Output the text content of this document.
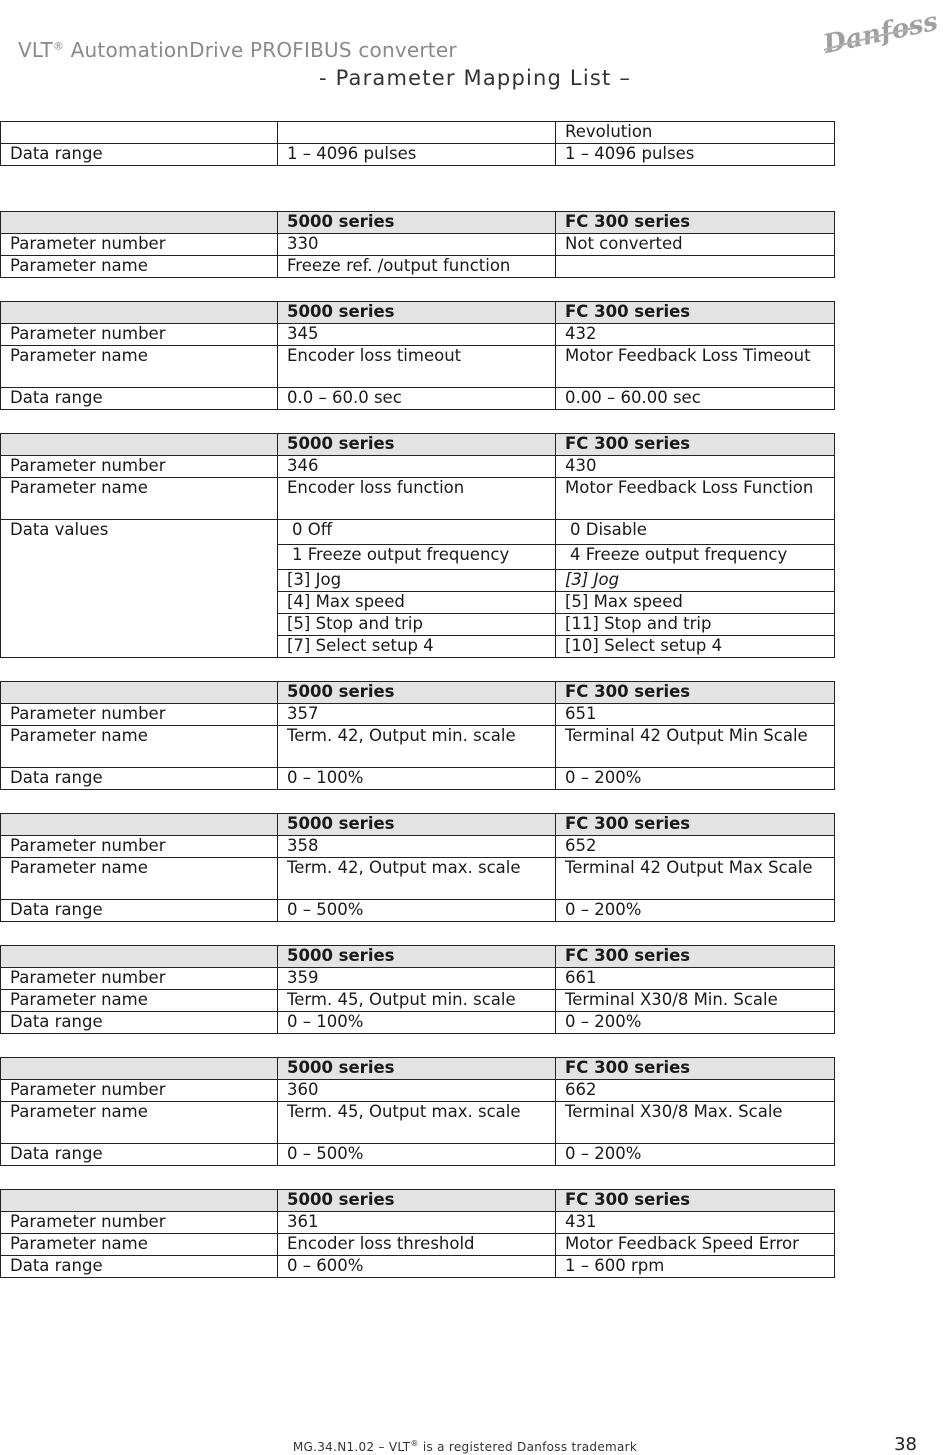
VLT® AutomationDrive PROFIBUS converter
- Parameter Mapping List –
Danfoss
		Revolution
Data range	1 – 4096 pulses	1 – 4096 pulses
	5000 series	FC 300 series
Parameter number	330	Not converted
Parameter name	Freeze ref. /output function	
	5000 series	FC 300 series
Parameter number	345	432
Parameter name	Encoder loss timeout	Motor Feedback Loss Timeout
Data range	0.0 – 60.0 sec	0.00 – 60.00 sec
	5000 series	FC 300 series
Parameter number	346	430
Parameter name	Encoder loss function	Motor Feedback Loss Function
Data values	0 Off	0 Disable
	1 Freeze output frequency	4 Freeze output frequency
	[3] Jog	[3] Jog
	[4] Max speed	[5] Max speed
	[5] Stop and trip	[11] Stop and trip
	[7] Select setup 4	[10] Select setup 4
	5000 series	FC 300 series
Parameter number	357	651
Parameter name	Term. 42, Output min. scale	Terminal 42 Output Min Scale
Data range	0 – 100%	0 – 200%
	5000 series	FC 300 series
Parameter number	358	652
Parameter name	Term. 42, Output max. scale	Terminal 42 Output Max Scale
Data range	0 – 500%	0 – 200%
	5000 series	FC 300 series
Parameter number	359	661
Parameter name	Term. 45, Output min. scale	Terminal X30/8 Min. Scale
Data range	0 – 100%	0 – 200%
	5000 series	FC 300 series
Parameter number	360	662
Parameter name	Term. 45, Output max. scale	Terminal X30/8 Max. Scale
Data range	0 – 500%	0 – 200%
	5000 series	FC 300 series
Parameter number	361	431
Parameter name	Encoder loss threshold	Motor Feedback Speed Error
Data range	0 – 600%	1 – 600 rpm
MG.34.N1.02 – VLT® is a registered Danfoss trademark	38
